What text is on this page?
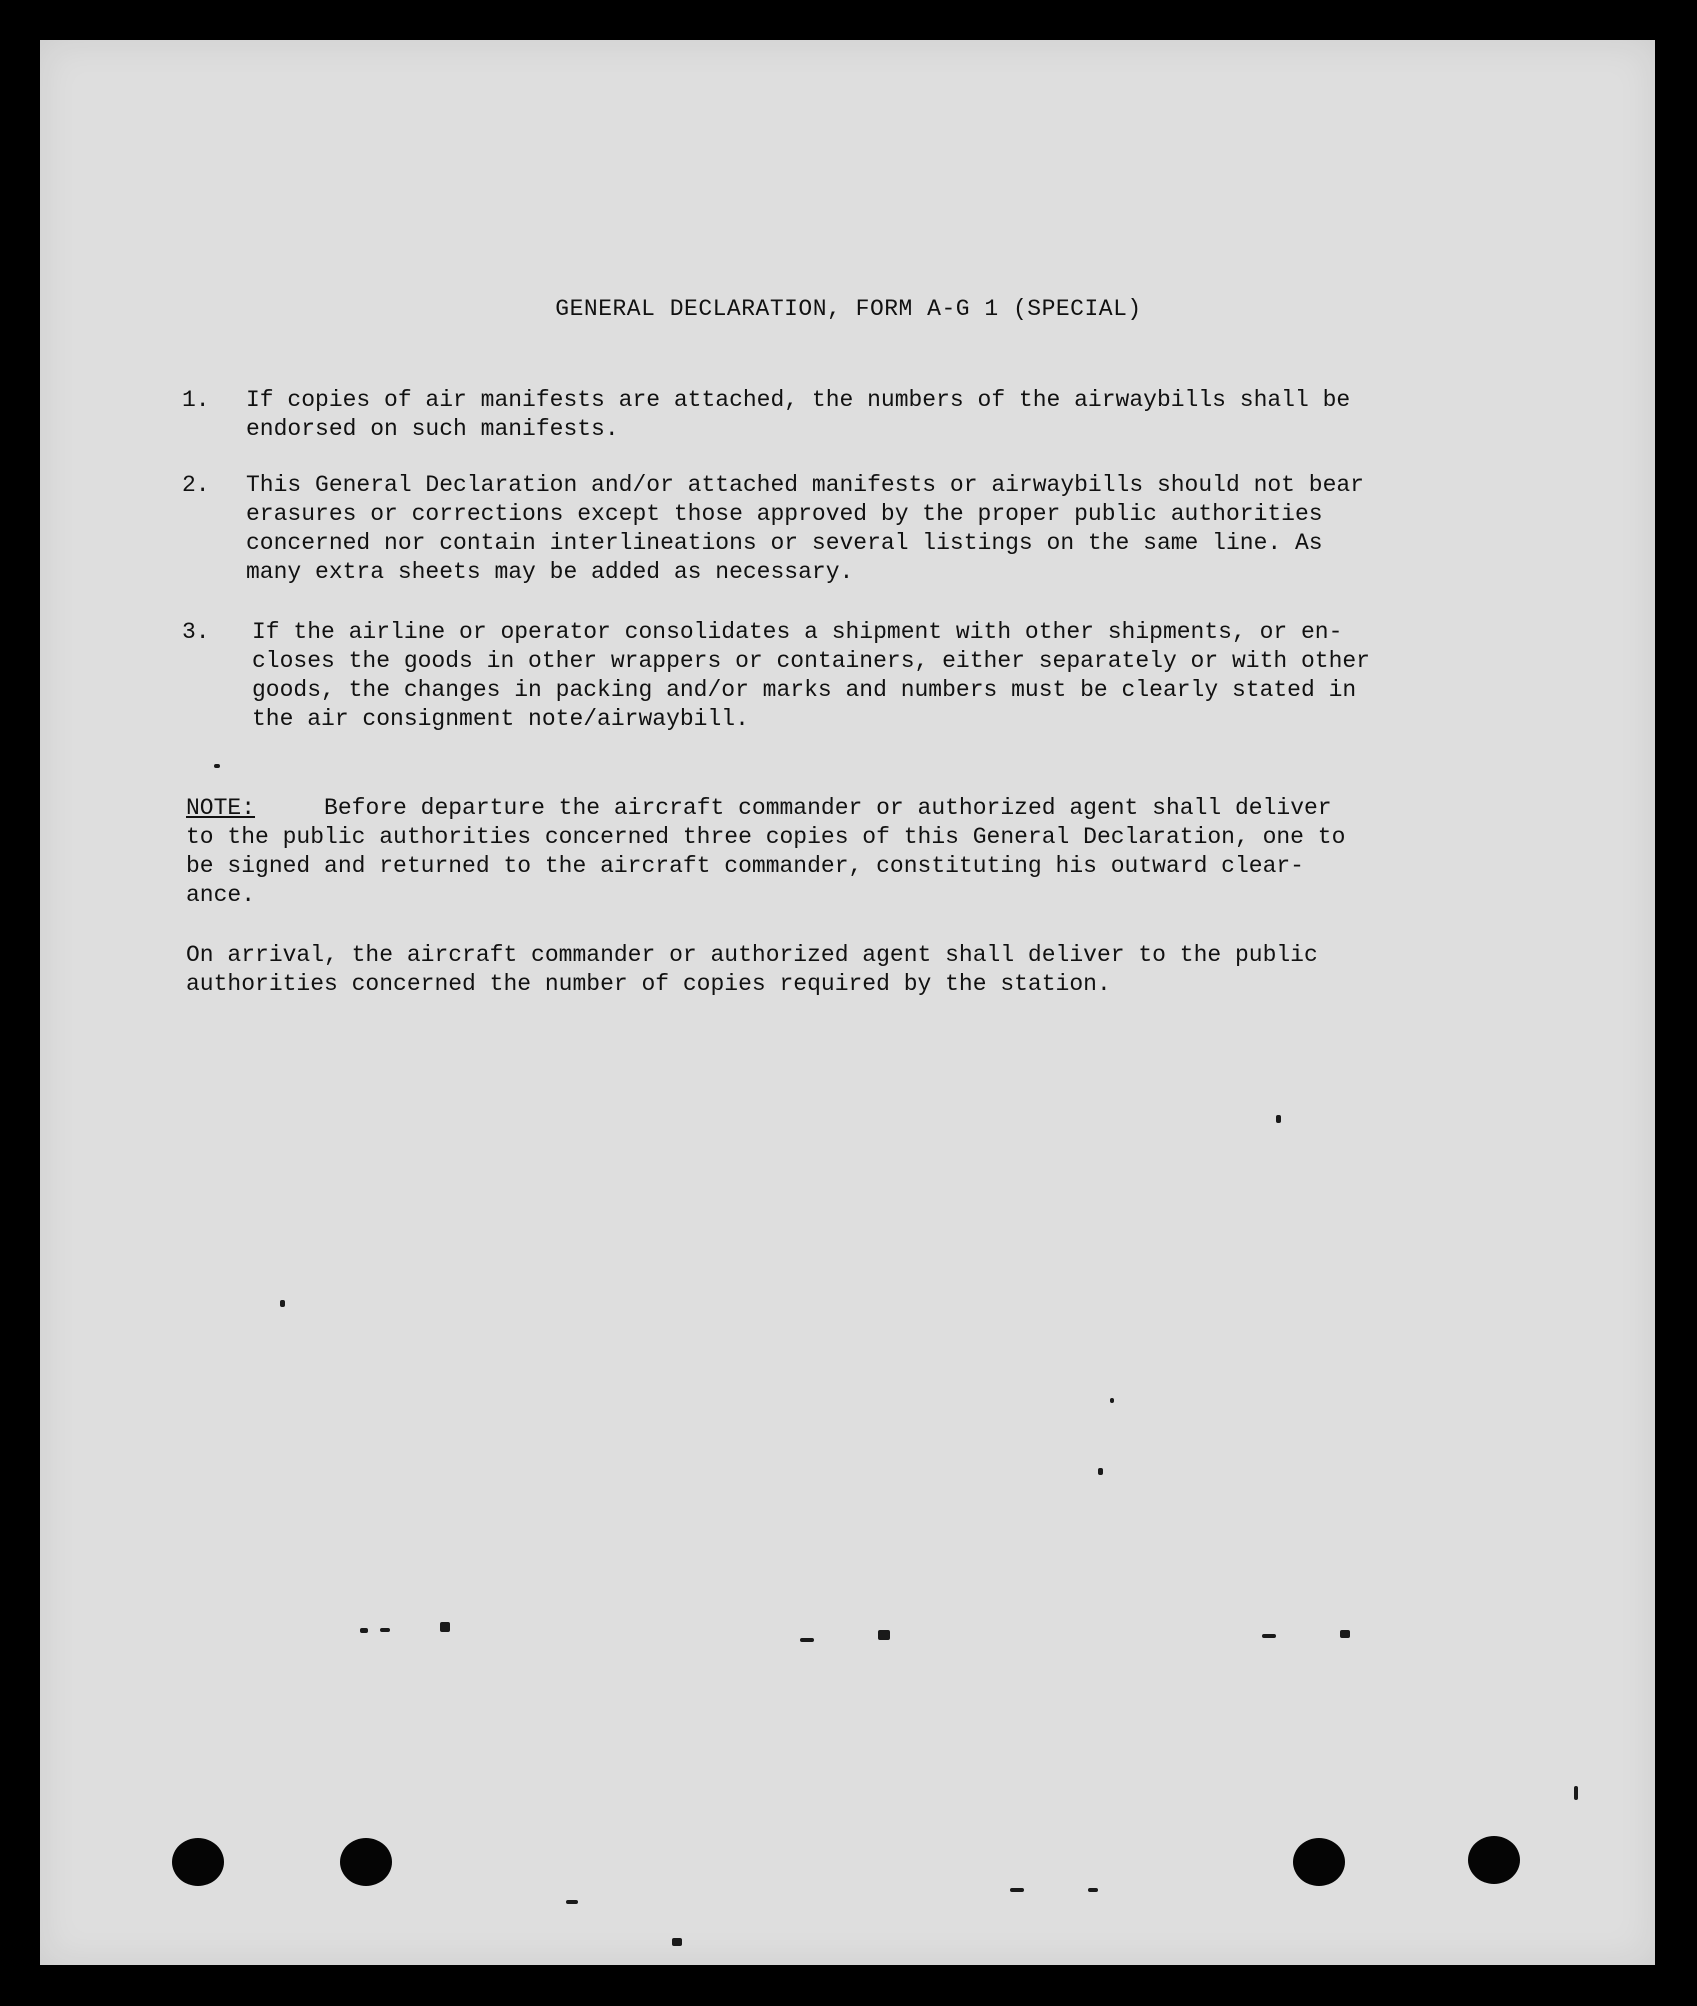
GENERAL DECLARATION, FORM A-G 1 (SPECIAL)
1. If copies of air manifests are attached, the numbers of the airwaybills shall be
endorsed on such manifests.
2. This General Declaration and/or attached manifests or airwaybills should not bear
erasures or corrections except those approved by the proper public authorities
concerned nor contain interlineations or several listings on the same line. As
many extra sheets may be added as necessary.
3. If the airline or operator consolidates a shipment with other shipments, or en-
closes the goods in other wrappers or containers, either separately or with other
goods, the changes in packing and/or marks and numbers must be clearly stated in
the air consignment note/airwaybill.
NOTE:	Before departure the aircraft commander or authorized agent shall deliver
to the public authorities concerned three copies of this General Declaration, one to
be signed and returned to the aircraft commander, constituting his outward clear-
ance.
On arrival, the aircraft commander or authorized agent shall deliver to the public
authorities concerned the number of copies required by the station.
